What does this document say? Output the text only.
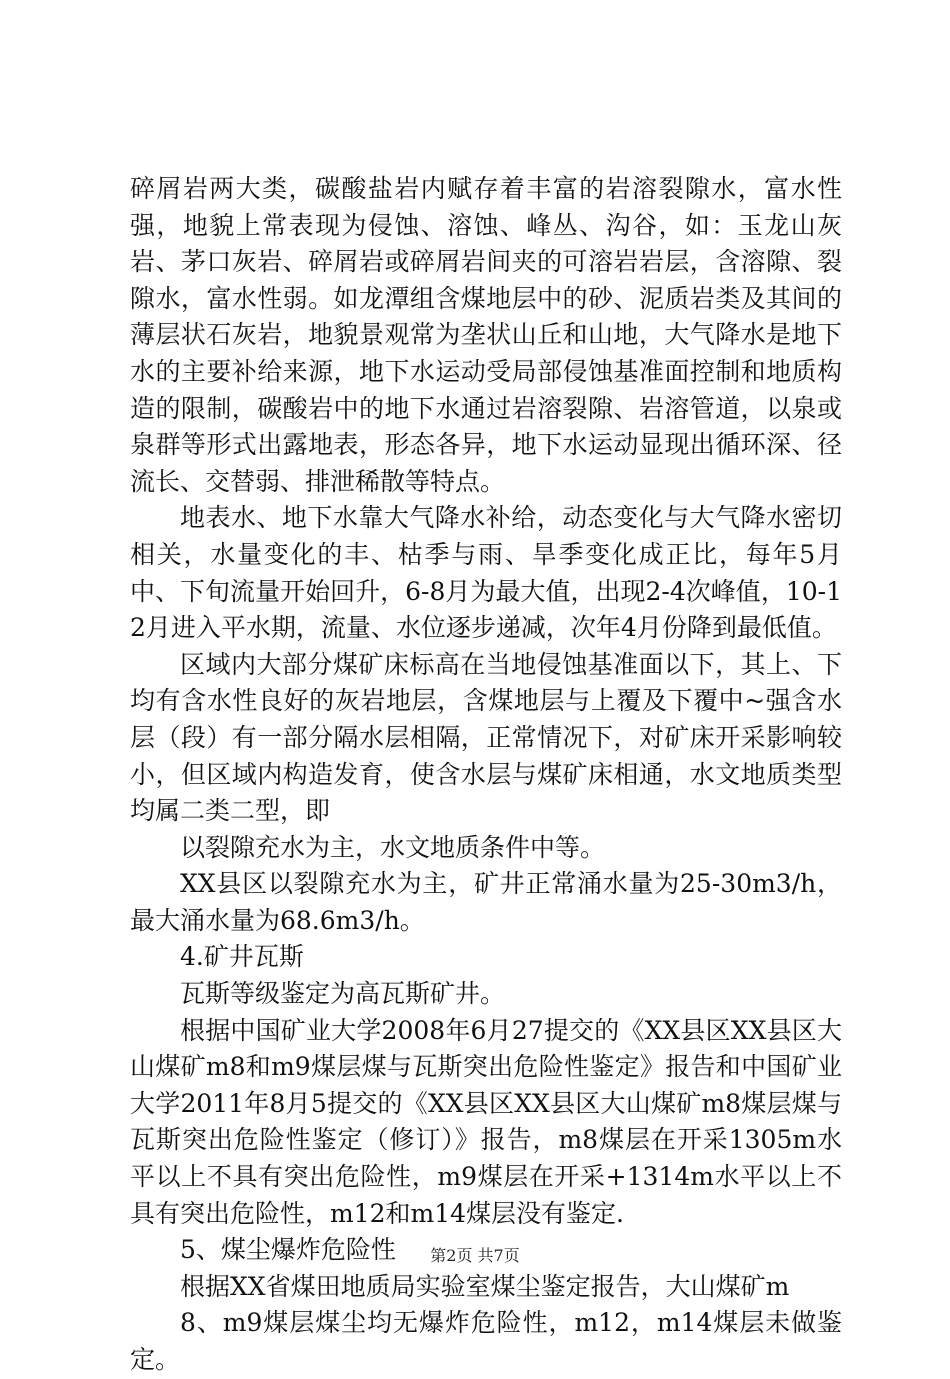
碎屑岩两大类，碳酸盐岩内赋存着丰富的岩溶裂隙水，富水性强，地貌上常表现为侵蚀、溶蚀、峰丛、沟谷，如：玉龙山灰岩、茅口灰岩、碎屑岩或碎屑岩间夹的可溶岩岩层，含溶隙、裂隙水，富水性弱。如龙潭组含煤地层中的砂、泥质岩类及其间的薄层状石灰岩，地貌景观常为垄状山丘和山地，大气降水是地下水的主要补给来源，地下水运动受局部侵蚀基准面控制和地质构造的限制，碳酸岩中的地下水通过岩溶裂隙、岩溶管道，以泉或泉群等形式出露地表，形态各异，地下水运动显现出循环深、径流长、交替弱、排泄稀散等特点。

地表水、地下水靠大气降水补给，动态变化与大气降水密切相关，水量变化的丰、枯季与雨、旱季变化成正比，每年5月中、下旬流量开始回升，6-8月为最大值，出现2-4次峰值，10-12月进入平水期，流量、水位逐步递减，次年4月份降到最低值。

区域内大部分煤矿床标高在当地侵蚀基准面以下，其上、下均有含水性良好的灰岩地层，含煤地层与上覆及下覆中~强含水层（段）有一部分隔水层相隔，正常情况下，对矿床开采影响较小，但区域内构造发育，使含水层与煤矿床相通，水文地质类型均属二类二型，即

以裂隙充水为主，水文地质条件中等。

XX县区以裂隙充水为主，矿井正常涌水量为25-30m3/h，最大涌水量为68.6m3/h。

4.矿井瓦斯

瓦斯等级鉴定为高瓦斯矿井。

根据中国矿业大学2008年6月27提交的《XX县区XX县区大山煤矿m8和m9煤层煤与瓦斯突出危险性鉴定》报告和中国矿业大学2011年8月5提交的《XX县区XX县区大山煤矿m8煤层煤与瓦斯突出危险性鉴定（修订）》报告，m8煤层在开采1305m水平以上不具有突出危险性，m9煤层在开采+1314m水平以上不具有突出危险性，m12和m14煤层没有鉴定.

5、煤尘爆炸危险性

根据XX省煤田地质局实验室煤尘鉴定报告，大山煤矿m

8、m9煤层煤尘均无爆炸危险性，m12，m14煤层未做鉴定。

第2页 共7页
